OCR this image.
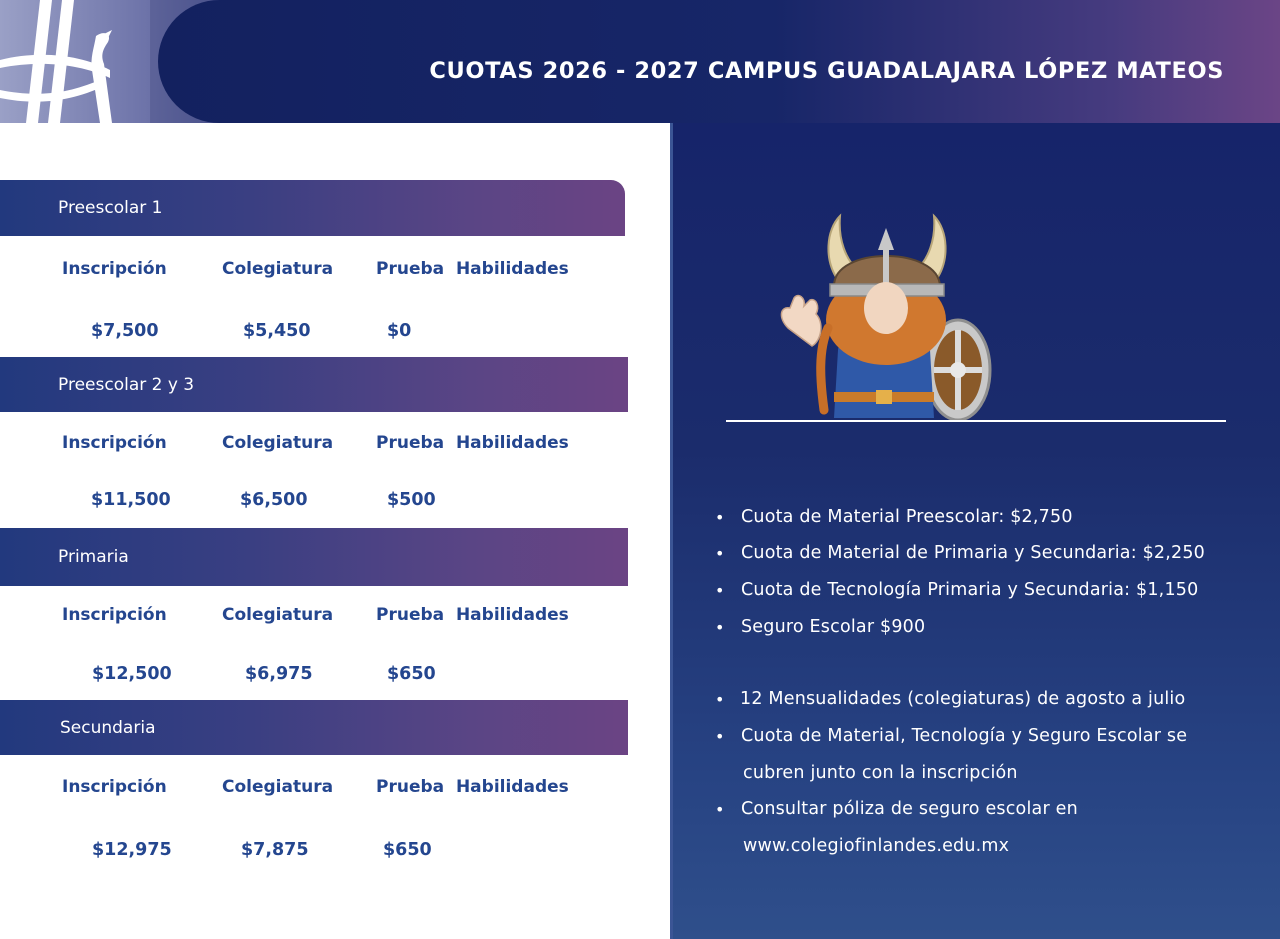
CUOTAS 2026 - 2027 CAMPUS GUADALAJARA LÓPEZ MATEOS
Preescolar 1
Inscripción	Colegiatura	Prueba  Habilidades
$7,500	$5,450	$0
Preescolar 2 y 3
Inscripción	Colegiatura	Prueba  Habilidades
$11,500	$6,500	$500
Primaria
Inscripción	Colegiatura	Prueba  Habilidades
$12,500	$6,975	$650
Secundaria
Inscripción	Colegiatura	Prueba  Habilidades
$12,975	$7,875	$650
• Cuota de Material Preescolar: $2,750
• Cuota de Material de Primaria y Secundaria: $2,250
• Cuota de Tecnología Primaria y Secundaria: $1,150
• Seguro Escolar $900
• 12 Mensualidades (colegiaturas) de agosto a julio
• Cuota de Material, Tecnología y Seguro Escolar se
cubren junto con la inscripción
• Consultar póliza de seguro escolar en
www.colegiofinlandes.edu.mx
